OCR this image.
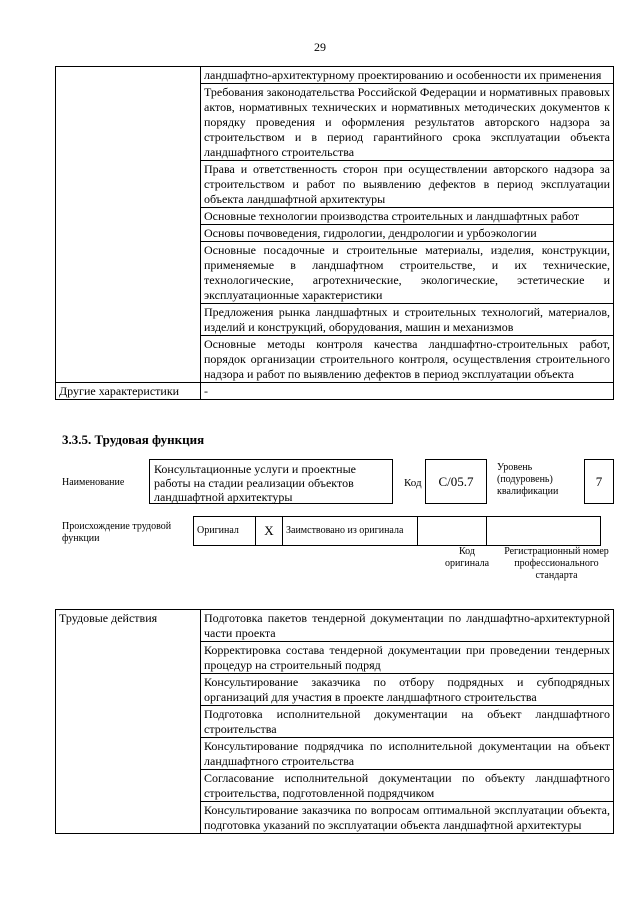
29
	ландшафтно-архитектурному проектированию и особенности их применения
	Требования законодательства Российской Федерации и нормативных правовых актов, нормативных технических и нормативных методических документов к порядку проведения и оформления результатов авторского надзора за строительством и в период гарантийного срока эксплуатации объекта ландшафтного строительства
	Права и ответственность сторон при осуществлении авторского надзора за строительством и работ по выявлению дефектов в период эксплуатации объекта ландшафтной архитектуры
	Основные технологии производства строительных и ландшафтных работ
	Основы почвоведения, гидрологии, дендрологии и урбоэкологии
	Основные посадочные и строительные материалы, изделия, конструкции, применяемые в ландшафтном строительстве, и их технические, технологические, агротехнические, экологические, эстетические и эксплуатационные характеристики
	Предложения рынка ландшафтных и строительных технологий, материалов, изделий и конструкций, оборудования, машин и механизмов
	Основные методы контроля качества ландшафтно-строительных работ, порядок организации строительного контроля, осуществления строительного надзора и работ по выявлению дефектов в период эксплуатации объекта
Другие характеристики	-
3.3.5. Трудовая функция
Наименование
Консультационные услуги и проектные работы на стадии реализации объектов ландшафтной архитектуры
Код	С/05.7
Уровень (подуровень) квалификации
7
Происхождение трудовой функции
Оригинал	X	Заимствовано из оригинала		
Код оригинала
Регистрационный номер профессионального стандарта
Трудовые действия	Подготовка пакетов тендерной документации по ландшафтно-архитектурной части проекта
Корректировка состава тендерной документации при проведении тендерных процедур на строительный подряд
Консультирование заказчика по отбору подрядных и субподрядных организаций для участия в проекте ландшафтного строительства
Подготовка исполнительной документации на объект ландшафтного строительства
Консультирование подрядчика по исполнительной документации на объект ландшафтного строительства
Согласование исполнительной документации по объекту ландшафтного строительства, подготовленной подрядчиком
Консультирование заказчика по вопросам оптимальной эксплуатации объекта, подготовка указаний по эксплуатации объекта ландшафтной архитектуры
